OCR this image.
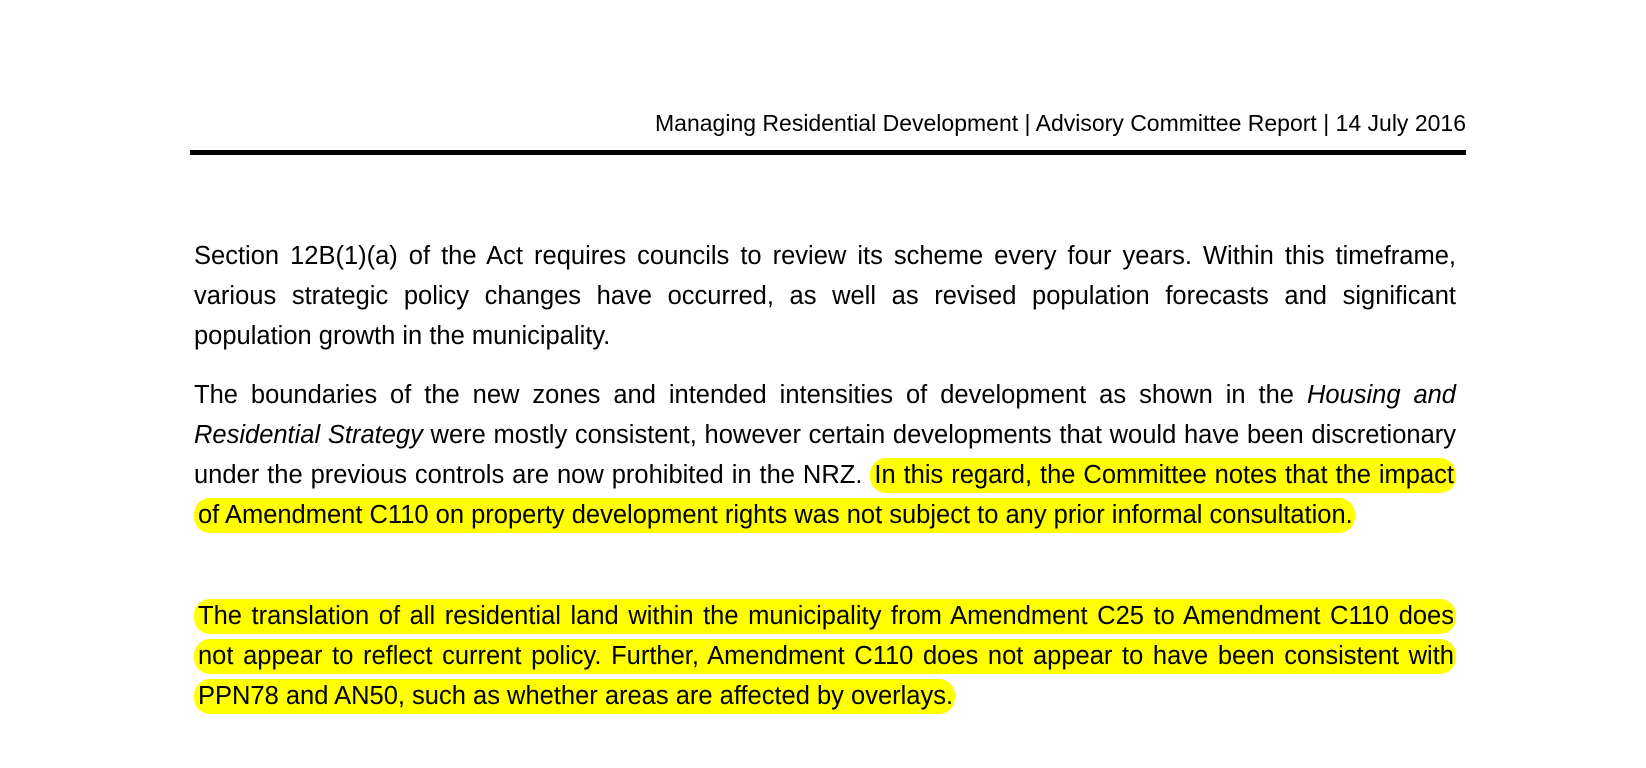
Managing Residential Development | Advisory Committee Report | 14 July 2016

Section 12B(1)(a) of the Act requires councils to review its scheme every four years. Within this timeframe, various strategic policy changes have occurred, as well as revised population forecasts and significant population growth in the municipality.

The boundaries of the new zones and intended intensities of development as shown in the Housing and Residential Strategy were mostly consistent, however certain developments that would have been discretionary under the previous controls are now prohibited in the NRZ. In this regard, the Committee notes that the impact of Amendment C110 on property development rights was not subject to any prior informal consultation.

The translation of all residential land within the municipality from Amendment C25 to Amendment C110 does not appear to reflect current policy. Further, Amendment C110 does not appear to have been consistent with PPN78 and AN50, such as whether areas are affected by overlays.
